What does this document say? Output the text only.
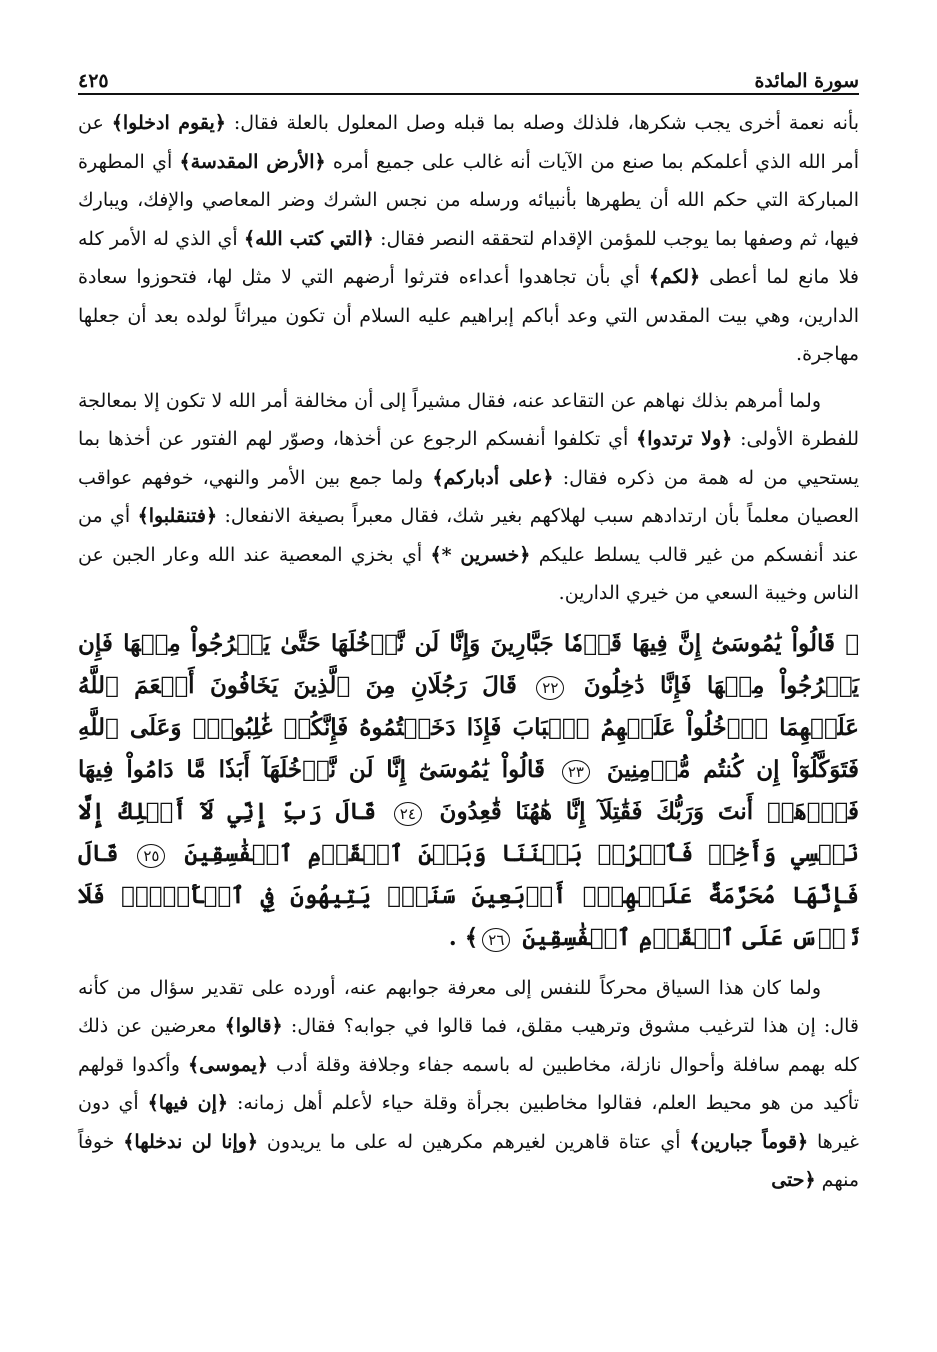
سورة المائدة
٤٢٥

بأنه نعمة أخرى يجب شكرها، فلذلك وصله بما قبله وصل المعلول بالعلة فقال: ﴿يقوم ادخلوا﴾ عن أمر الله الذي أعلمكم بما صنع من الآيات أنه غالب على جميع أمره ﴿الأرض المقدسة﴾ أي المطهرة المباركة التي حكم الله أن يطهرها بأنبيائه ورسله من نجس الشرك وضر المعاصي والإفك، ويبارك فيها، ثم وصفها بما يوجب للمؤمن الإقدام لتحققه النصر فقال: ﴿التي كتب الله﴾ أي الذي له الأمر كله فلا مانع لما أعطى ﴿لكم﴾ أي بأن تجاهدوا أعداءه فترثوا أرضهم التي لا مثل لها، فتحوزوا سعادة الدارين، وهي بيت المقدس التي وعد أباكم إبراهيم عليه السلام أن تكون ميراثاً لولده بعد أن جعلها مهاجرة.

ولما أمرهم بذلك نهاهم عن التقاعد عنه، فقال مشيراً إلى أن مخالفة أمر الله لا تكون إلا بمعالجة للفطرة الأولى: ﴿ولا ترتدوا﴾ أي تكلفوا أنفسكم الرجوع عن أخذها، وصوّر لهم الفتور عن أخذها بما يستحيي من له همة من ذكره فقال: ﴿على أدباركم﴾ ولما جمع بين الأمر والنهي، خوفهم عواقب العصيان معلماً بأن ارتدادهم سبب لهلاكهم بغير شك، فقال معبراً بصيغة الانفعال: ﴿فتنقلبوا﴾ أي من عند أنفسكم من غير قالب يسلط عليكم ﴿خسرين *﴾ أي بخزي المعصية عند الله وعار الجبن عن الناس وخيبة السعي من خيري الدارين.

﴿ قَالُواْ يَٰمُوسَىٰٓ إِنَّ فِيهَا قَوۡمٗا جَبَّارِينَ وَإِنَّا لَن نَّدۡخُلَهَا حَتَّىٰ يَخۡرُجُواْ مِنۡهَا فَإِن يَخۡرُجُواْ مِنۡهَا فَإِنَّا دَٰخِلُونَ ٢٢ قَالَ رَجُلَانِ مِنَ ٱلَّذِينَ يَخَافُونَ أَنۡعَمَ ٱللَّهُ عَلَيۡهِمَا ٱدۡخُلُواْ عَلَيۡهِمُ ٱلۡبَابَ فَإِذَا دَخَلۡتُمُوهُ فَإِنَّكُمۡ غَٰلِبُونَۚ وَعَلَى ٱللَّهِ فَتَوَكَّلُوٓاْ إِن كُنتُم مُّؤۡمِنِينَ ٢٣ قَالُواْ يَٰمُوسَىٰٓ إِنَّا لَن نَّدۡخُلَهَآ أَبَدٗا مَّا دَامُواْ فِيهَا فَٱذۡهَبۡ أَنتَ وَرَبُّكَ فَقَٰتِلَآ إِنَّا هَٰهُنَا قَٰعِدُونَ ٢٤ قَالَ رَبِّ إِنِّي لَآ أَمۡلِكُ إِلَّا نَفۡسِي وَأَخِيۖ فَٱفۡرُقۡ بَيۡنَنَا وَبَيۡنَ ٱلۡقَوۡمِ ٱلۡفَٰسِقِينَ ٢٥ قَالَ فَإِنَّهَا مُحَرَّمَةٌ عَلَيۡهِمۡۛ أَرۡبَعِينَ سَنَةٗۛ يَتِيهُونَ فِي ٱلۡأَرۡضِۚ فَلَا تَأۡسَ عَلَى ٱلۡقَوۡمِ ٱلۡفَٰسِقِينَ ٢٦﴾ .

ولما كان هذا السياق محركاً للنفس إلى معرفة جوابهم عنه، أورده على تقدير سؤال من كأنه قال: إن هذا لترغيب مشوق وترهيب مقلق، فما قالوا في جوابه؟ فقال: ﴿قالوا﴾ معرضين عن ذلك كله بهمم سافلة وأحوال نازلة، مخاطبين له باسمه جفاء وجلافة وقلة أدب ﴿يموسى﴾ وأكدوا قولهم تأكيد من هو محيط العلم، فقالوا مخاطبين بجرأة وقلة حياء لأعلم أهل زمانه: ﴿إن فيها﴾ أي دون غيرها ﴿قوماً جبارين﴾ أي عتاة قاهرين لغيرهم مكرهين له على ما يريدون ﴿وإنا لن ندخلها﴾ خوفاً منهم ﴿حتى
